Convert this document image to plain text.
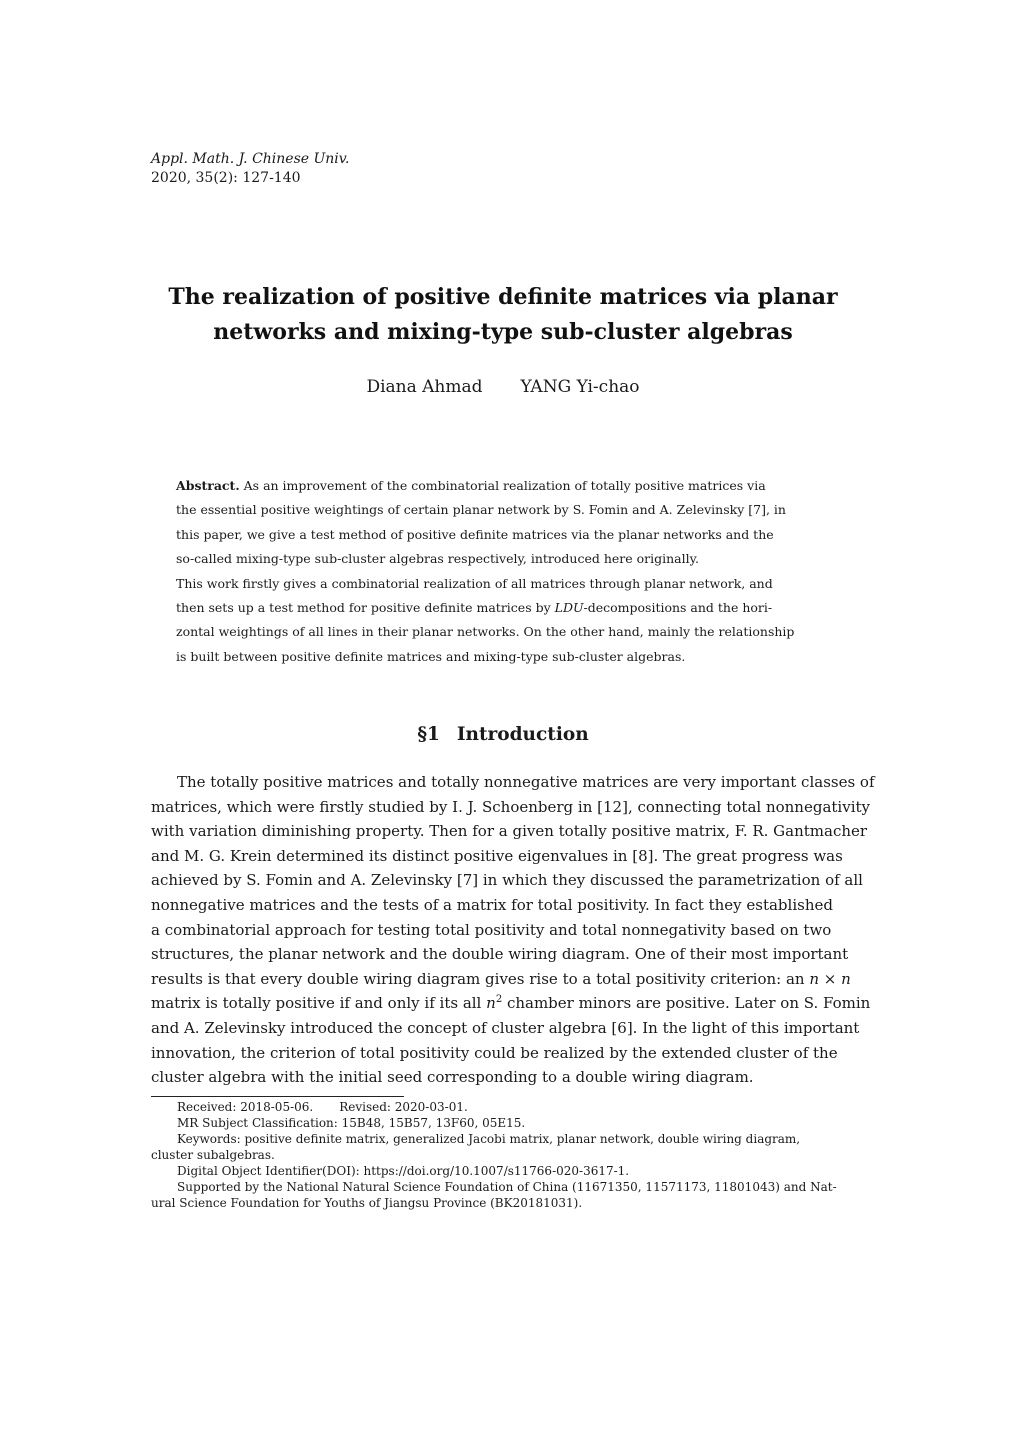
Appl. Math. J. Chinese Univ.
2020, 35(2): 127-140
The realization of positive definite matrices via planar
networks and mixing-type sub-cluster algebras
Diana Ahmad YANG Yi-chao
Abstract. As an improvement of the combinatorial realization of totally positive matrices via
the essential positive weightings of certain planar network by S. Fomin and A. Zelevinsky [7], in
this paper, we give a test method of positive definite matrices via the planar networks and the
so-called mixing-type sub-cluster algebras respectively, introduced here originally.
This work firstly gives a combinatorial realization of all matrices through planar network, and
then sets up a test method for positive definite matrices by LDU-decompositions and the hori-
zontal weightings of all lines in their planar networks. On the other hand, mainly the relationship
is built between positive definite matrices and mixing-type sub-cluster algebras.
§1 Introduction
The totally positive matrices and totally nonnegative matrices are very important classes of
matrices, which were firstly studied by I. J. Schoenberg in [12], connecting total nonnegativity
with variation diminishing property. Then for a given totally positive matrix, F. R. Gantmacher
and M. G. Krein determined its distinct positive eigenvalues in [8]. The great progress was
achieved by S. Fomin and A. Zelevinsky [7] in which they discussed the parametrization of all
nonnegative matrices and the tests of a matrix for total positivity. In fact they established
a combinatorial approach for testing total positivity and total nonnegativity based on two
structures, the planar network and the double wiring diagram. One of their most important
results is that every double wiring diagram gives rise to a total positivity criterion: an n × n
matrix is totally positive if and only if its all $n^2$ chamber minors are positive. Later on S. Fomin
and A. Zelevinsky introduced the concept of cluster algebra [6]. In the light of this important
innovation, the criterion of total positivity could be realized by the extended cluster of the
cluster algebra with the initial seed corresponding to a double wiring diagram.
Received: 2018-05-06. Revised: 2020-03-01.
MR Subject Classification: 15B48, 15B57, 13F60, 05E15.
Keywords: positive definite matrix, generalized Jacobi matrix, planar network, double wiring diagram,
cluster subalgebras.
Digital Object Identifier(DOI): https://doi.org/10.1007/s11766-020-3617-1.
Supported by the National Natural Science Foundation of China (11671350, 11571173, 11801043) and Nat-
ural Science Foundation for Youths of Jiangsu Province (BK20181031).
